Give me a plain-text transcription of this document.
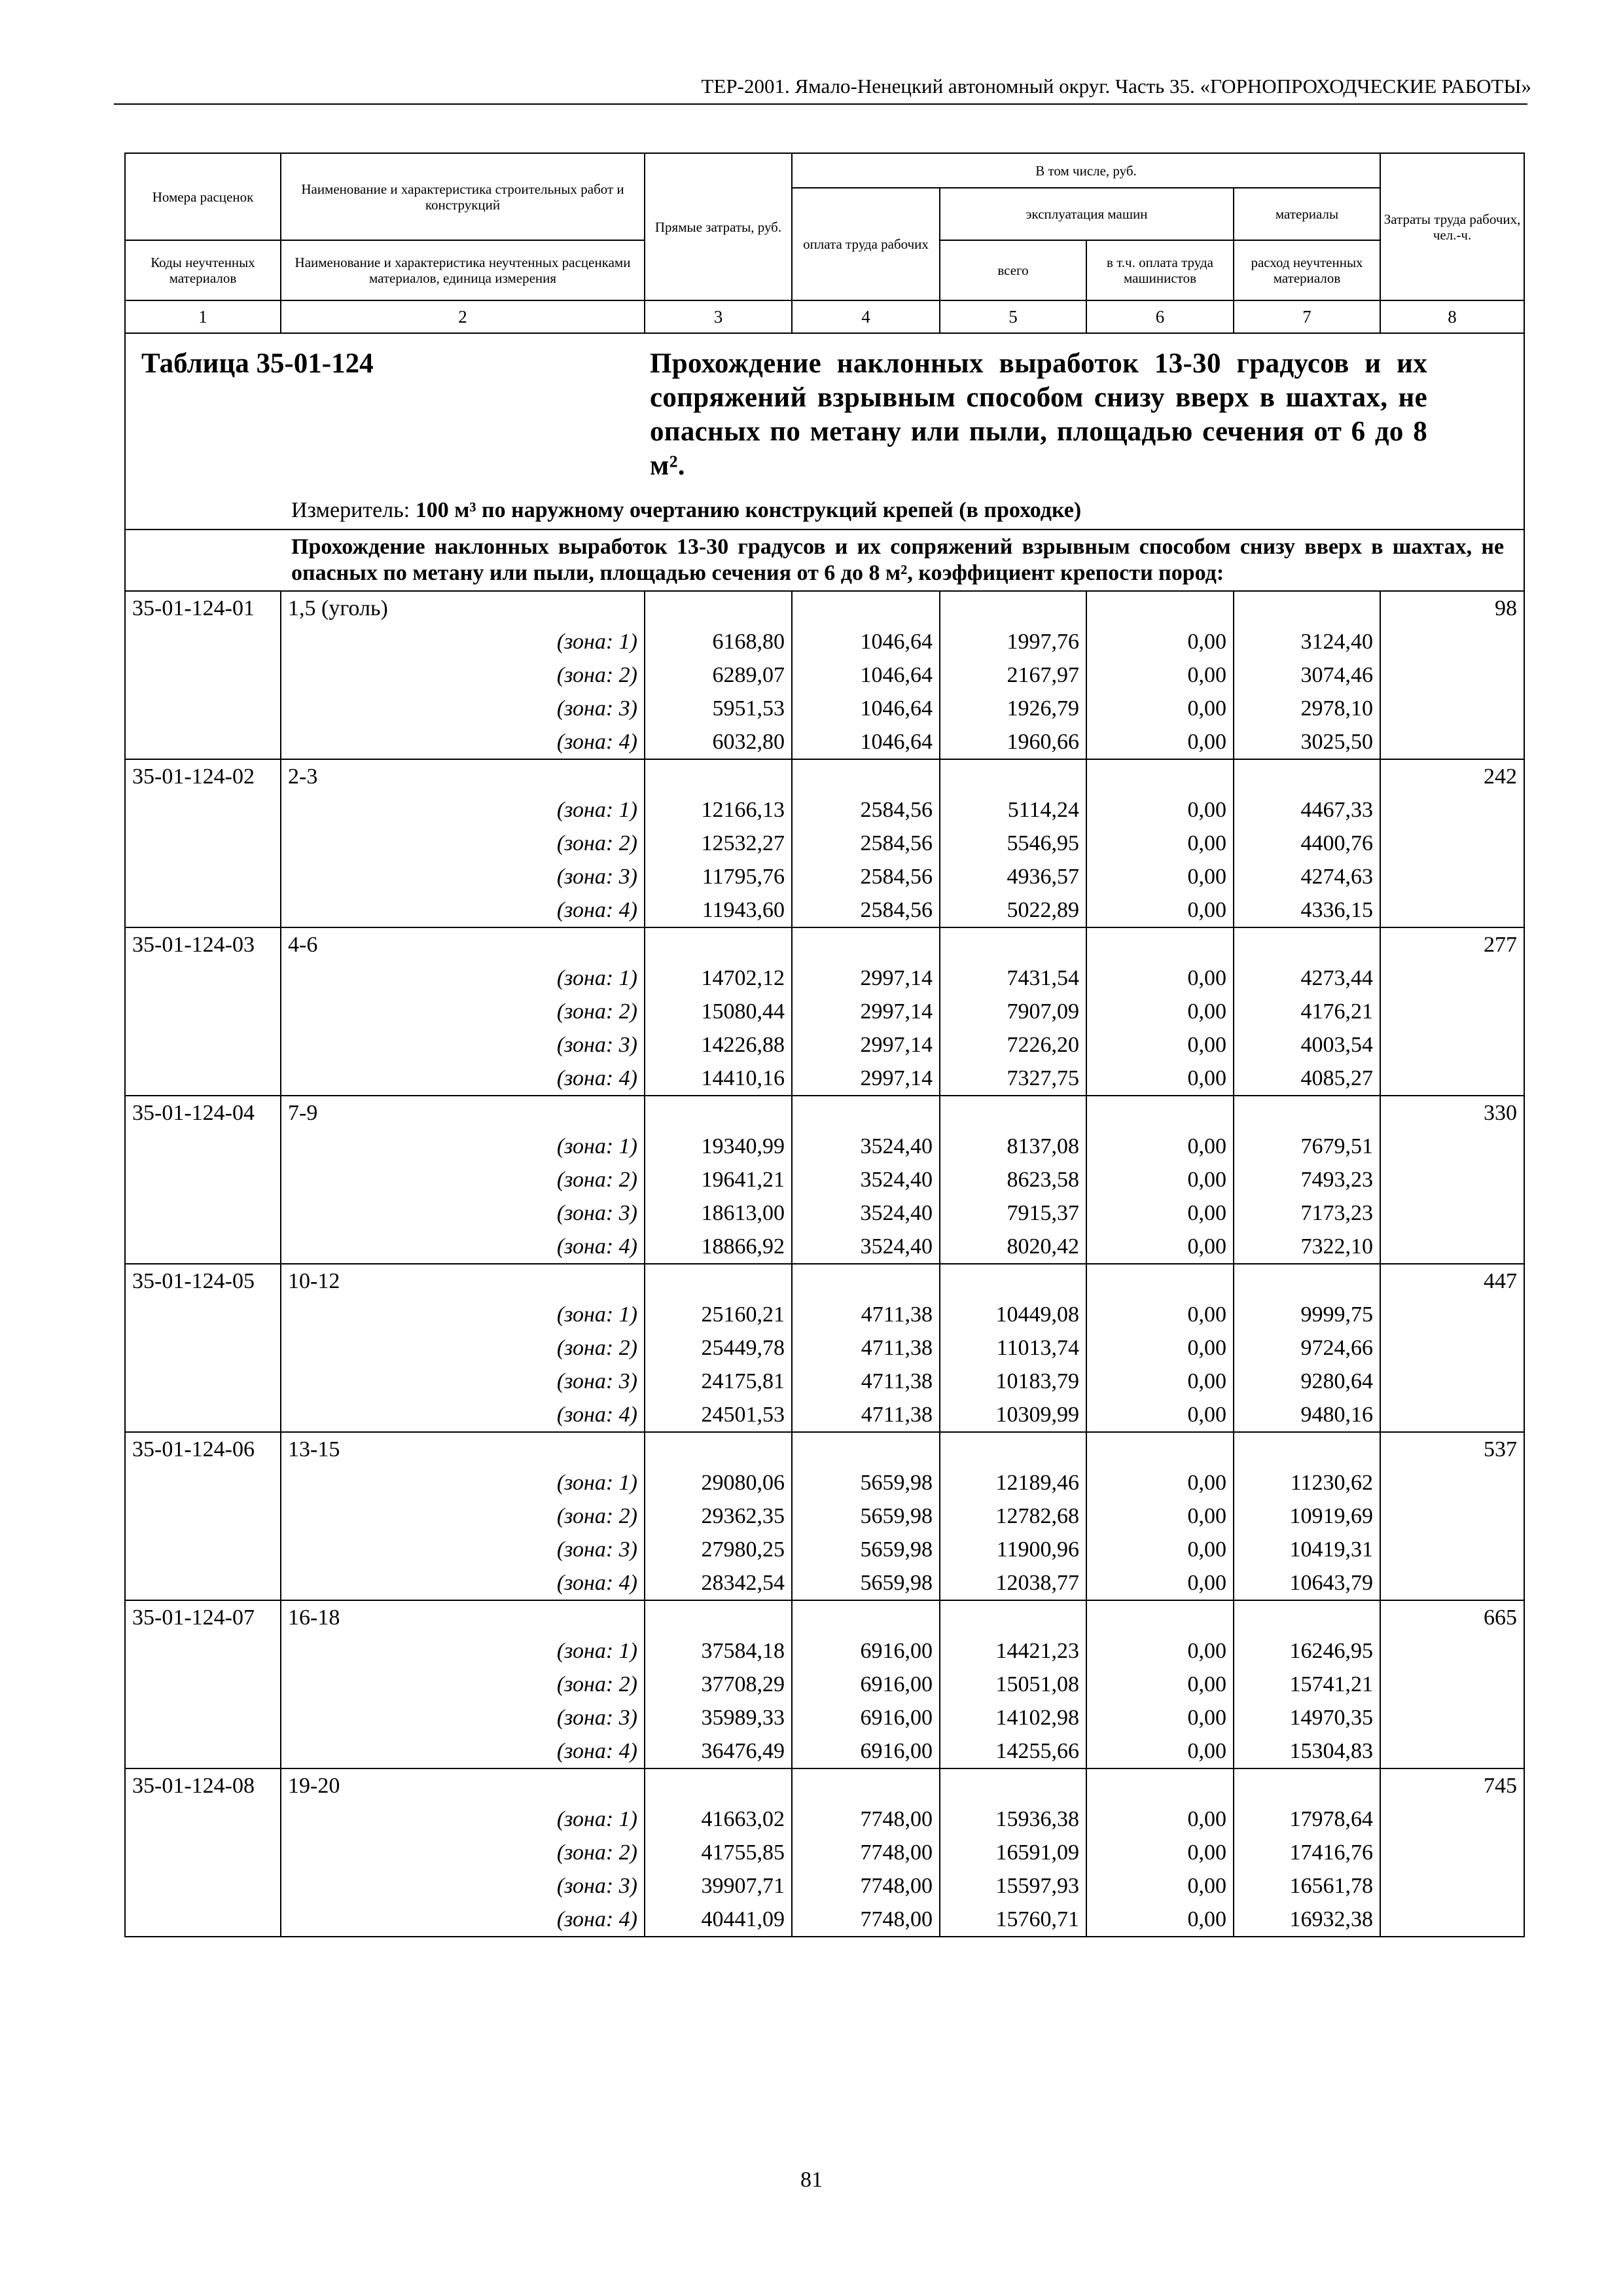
ТЕР-2001. Ямало-Ненецкий автономный округ. Часть 35. «ГОРНОПРОХОДЧЕСКИЕ РАБОТЫ»
Номера расценок	Наименование и характеристика строительных работ и конструкций	Прямые затраты, руб.	В том числе, руб.				Затраты труда рабочих, чел.-ч.
			оплата труда рабочих	эксплуатация машин		материалы	
Коды неучтенных материалов	Наименование и характеристика неучтенных расценками материалов, единица измерения			всего	в т.ч. оплата труда машинистов	расход неучтенных материалов	
1	2	3	4	5	6	7	8

Таблица 35-01-124 Прохождение наклонных выработок 13-30 градусов и их сопряжений взрывным способом снизу вверх в шахтах, не опасных по метану или пыли, площадью сечения от 6 до 8 м².
Измеритель: 100 м³ по наружному очертанию конструкций крепей (в проходке)							

Прохождение наклонных выработок 13-30 градусов и их сопряжений взрывным способом снизу вверх в шахтах, не опасных по метану или пыли, площадью сечения от 6 до 8 м², коэффициент крепости пород:							
35-01-124-01	1,5 (уголь)						98
	(зона: 1)	6168,80	1046,64	1997,76	0,00	3124,40	
	(зона: 2)	6289,07	1046,64	2167,97	0,00	3074,46	
	(зона: 3)	5951,53	1046,64	1926,79	0,00	2978,10	
	(зона: 4)	6032,80	1046,64	1960,66	0,00	3025,50	
35-01-124-02	2-3						242
	(зона: 1)	12166,13	2584,56	5114,24	0,00	4467,33	
	(зона: 2)	12532,27	2584,56	5546,95	0,00	4400,76	
	(зона: 3)	11795,76	2584,56	4936,57	0,00	4274,63	
	(зона: 4)	11943,60	2584,56	5022,89	0,00	4336,15	
35-01-124-03	4-6						277
	(зона: 1)	14702,12	2997,14	7431,54	0,00	4273,44	
	(зона: 2)	15080,44	2997,14	7907,09	0,00	4176,21	
	(зона: 3)	14226,88	2997,14	7226,20	0,00	4003,54	
	(зона: 4)	14410,16	2997,14	7327,75	0,00	4085,27	
35-01-124-04	7-9						330
	(зона: 1)	19340,99	3524,40	8137,08	0,00	7679,51	
	(зона: 2)	19641,21	3524,40	8623,58	0,00	7493,23	
	(зона: 3)	18613,00	3524,40	7915,37	0,00	7173,23	
	(зона: 4)	18866,92	3524,40	8020,42	0,00	7322,10	
35-01-124-05	10-12						447
	(зона: 1)	25160,21	4711,38	10449,08	0,00	9999,75	
	(зона: 2)	25449,78	4711,38	11013,74	0,00	9724,66	
	(зона: 3)	24175,81	4711,38	10183,79	0,00	9280,64	
	(зона: 4)	24501,53	4711,38	10309,99	0,00	9480,16	
35-01-124-06	13-15						537
	(зона: 1)	29080,06	5659,98	12189,46	0,00	11230,62	
	(зона: 2)	29362,35	5659,98	12782,68	0,00	10919,69	
	(зона: 3)	27980,25	5659,98	11900,96	0,00	10419,31	
	(зона: 4)	28342,54	5659,98	12038,77	0,00	10643,79	
35-01-124-07	16-18						665
	(зона: 1)	37584,18	6916,00	14421,23	0,00	16246,95	
	(зона: 2)	37708,29	6916,00	15051,08	0,00	15741,21	
	(зона: 3)	35989,33	6916,00	14102,98	0,00	14970,35	
	(зона: 4)	36476,49	6916,00	14255,66	0,00	15304,83	
35-01-124-08	19-20						745
	(зона: 1)	41663,02	7748,00	15936,38	0,00	17978,64	
	(зона: 2)	41755,85	7748,00	16591,09	0,00	17416,76	
	(зона: 3)	39907,71	7748,00	15597,93	0,00	16561,78	
	(зона: 4)	40441,09	7748,00	15760,71	0,00	16932,38	
81
